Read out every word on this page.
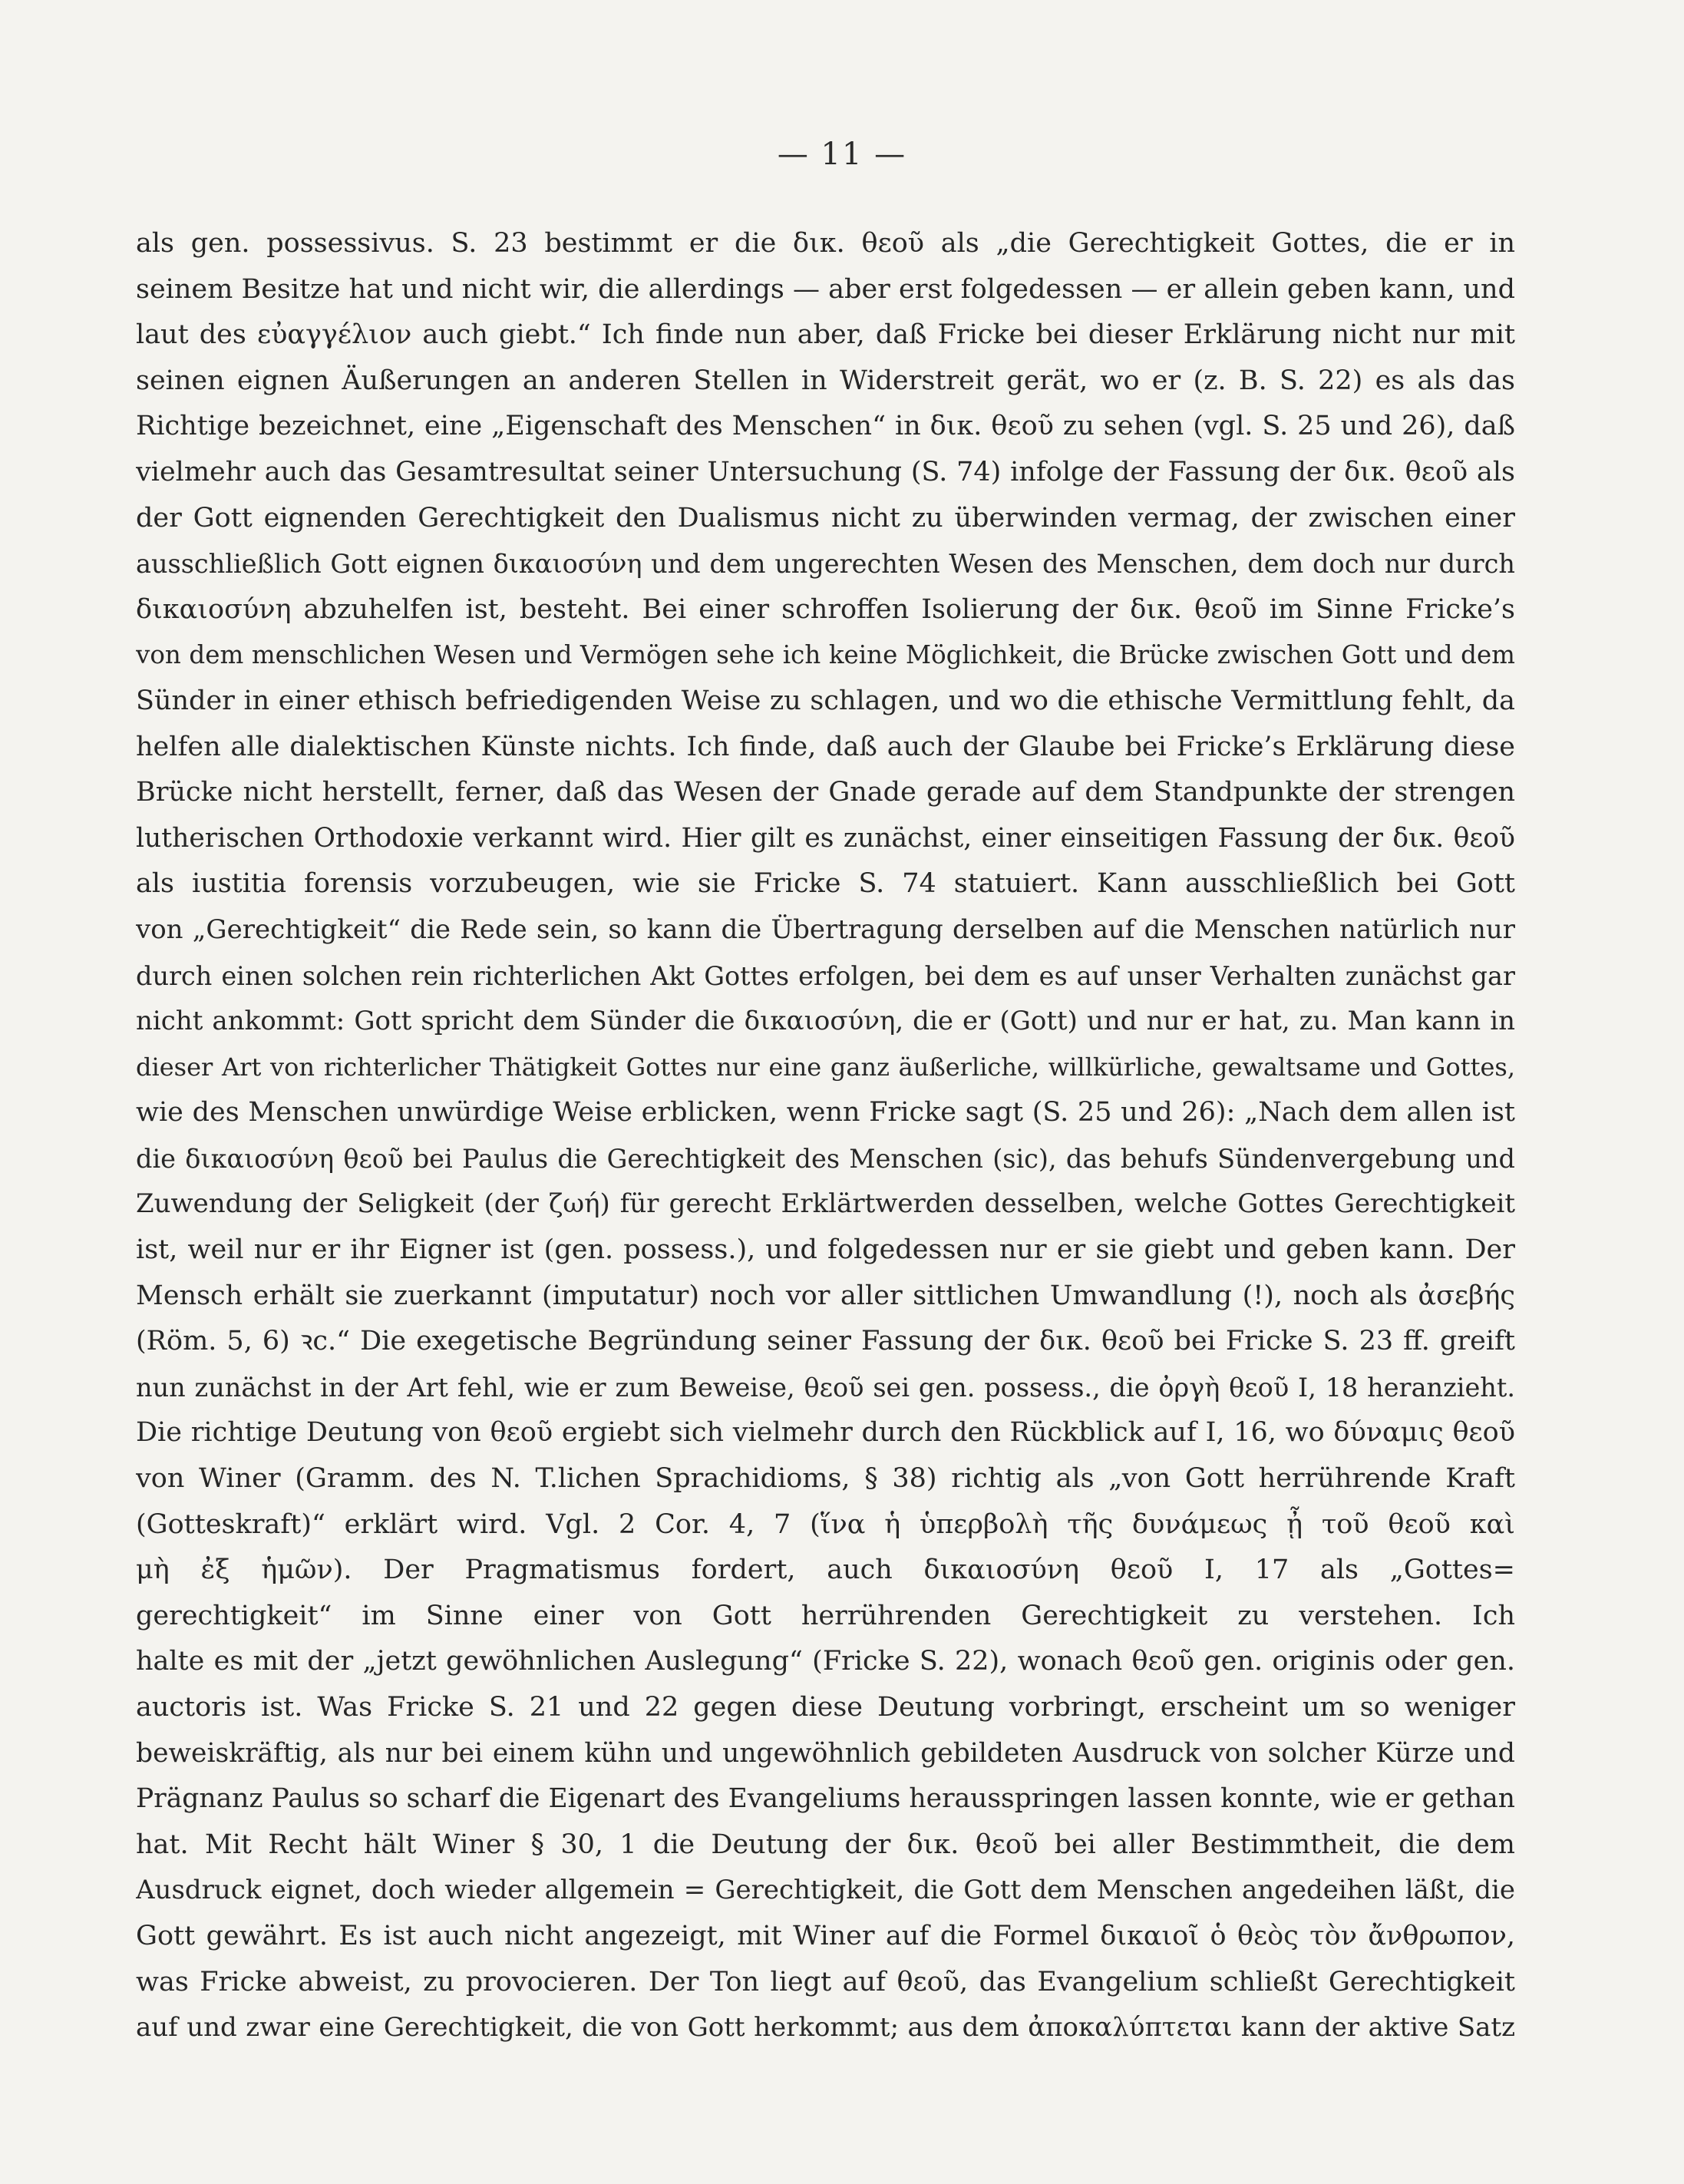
— 11 —
als gen. possessivus. S. 23 bestimmt er die δικ. θεοῦ als „die Gerechtigkeit Gottes, die er in
seinem Besitze hat und nicht wir, die allerdings — aber erst folgedessen — er allein geben kann, und
laut des εὐαγγέλιον auch giebt.“ Ich finde nun aber, daß Fricke bei dieser Erklärung nicht nur mit
seinen eignen Äußerungen an anderen Stellen in Widerstreit gerät, wo er (z. B. S. 22) es als das
Richtige bezeichnet, eine „Eigenschaft des Menschen“ in δικ. θεοῦ zu sehen (vgl. S. 25 und 26), daß
vielmehr auch das Gesamtresultat seiner Untersuchung (S. 74) infolge der Fassung der δικ. θεοῦ als
der Gott eignenden Gerechtigkeit den Dualismus nicht zu überwinden vermag, der zwischen einer
ausschließlich Gott eignen δικαιοσύνη und dem ungerechten Wesen des Menschen, dem doch nur durch
δικαιοσύνη abzuhelfen ist, besteht. Bei einer schroffen Isolierung der δικ. θεοῦ im Sinne Fricke’s
von dem menschlichen Wesen und Vermögen sehe ich keine Möglichkeit, die Brücke zwischen Gott und dem
Sünder in einer ethisch befriedigenden Weise zu schlagen, und wo die ethische Vermittlung fehlt, da
helfen alle dialektischen Künste nichts. Ich finde, daß auch der Glaube bei Fricke’s Erklärung diese
Brücke nicht herstellt, ferner, daß das Wesen der Gnade gerade auf dem Standpunkte der strengen
lutherischen Orthodoxie verkannt wird. Hier gilt es zunächst, einer einseitigen Fassung der δικ. θεοῦ
als iustitia forensis vorzubeugen, wie sie Fricke S. 74 statuiert. Kann ausschließlich bei Gott
von „Gerechtigkeit“ die Rede sein, so kann die Übertragung derselben auf die Menschen natürlich nur
durch einen solchen rein richterlichen Akt Gottes erfolgen, bei dem es auf unser Verhalten zunächst gar
nicht ankommt: Gott spricht dem Sünder die δικαιοσύνη, die er (Gott) und nur er hat, zu. Man kann in
dieser Art von richterlicher Thätigkeit Gottes nur eine ganz äußerliche, willkürliche, gewaltsame und Gottes,
wie des Menschen unwürdige Weise erblicken, wenn Fricke sagt (S. 25 und 26): „Nach dem allen ist
die δικαιοσύνη θεοῦ bei Paulus die Gerechtigkeit des Menschen (sic), das behufs Sündenvergebung und
Zuwendung der Seligkeit (der ζωή) für gerecht Erklärtwerden desselben, welche Gottes Gerechtigkeit
ist, weil nur er ihr Eigner ist (gen. possess.), und folgedessen nur er sie giebt und geben kann. Der
Mensch erhält sie zuerkannt (imputatur) noch vor aller sittlichen Umwandlung (!), noch als ἀσεβής
(Röm. 5, 6) ꝛc.“ Die exegetische Begründung seiner Fassung der δικ. θεοῦ bei Fricke S. 23 ff. greift
nun zunächst in der Art fehl, wie er zum Beweise, θεοῦ sei gen. possess., die ὀργὴ θεοῦ I, 18 heranzieht.
Die richtige Deutung von θεοῦ ergiebt sich vielmehr durch den Rückblick auf I, 16, wo δύναμις θεοῦ
von Winer (Gramm. des N. T.lichen Sprachidioms, § 38) richtig als „von Gott herrührende Kraft
(Gotteskraft)“ erklärt wird. Vgl. 2 Cor. 4, 7 (ἵνα ἡ ὑπερβολὴ τῆς δυνάμεως ᾖ τοῦ θεοῦ καὶ
μὴ ἐξ ἡμῶν). Der Pragmatismus fordert, auch δικαιοσύνη θεοῦ I, 17 als „Gottes=
gerechtigkeit“ im Sinne einer von Gott herrührenden Gerechtigkeit zu verstehen. Ich
halte es mit der „jetzt gewöhnlichen Auslegung“ (Fricke S. 22), wonach θεοῦ gen. originis oder gen.
auctoris ist. Was Fricke S. 21 und 22 gegen diese Deutung vorbringt, erscheint um so weniger
beweiskräftig, als nur bei einem kühn und ungewöhnlich gebildeten Ausdruck von solcher Kürze und
Prägnanz Paulus so scharf die Eigenart des Evangeliums herausspringen lassen konnte, wie er gethan
hat. Mit Recht hält Winer § 30, 1 die Deutung der δικ. θεοῦ bei aller Bestimmtheit, die dem
Ausdruck eignet, doch wieder allgemein = Gerechtigkeit, die Gott dem Menschen angedeihen läßt, die
Gott gewährt. Es ist auch nicht angezeigt, mit Winer auf die Formel δικαιοῖ ὁ θεὸς τὸν ἄνθρωπον,
was Fricke abweist, zu provocieren. Der Ton liegt auf θεοῦ, das Evangelium schließt Gerechtigkeit
auf und zwar eine Gerechtigkeit, die von Gott herkommt; aus dem ἀποκαλύπτεται kann der aktive Satz
